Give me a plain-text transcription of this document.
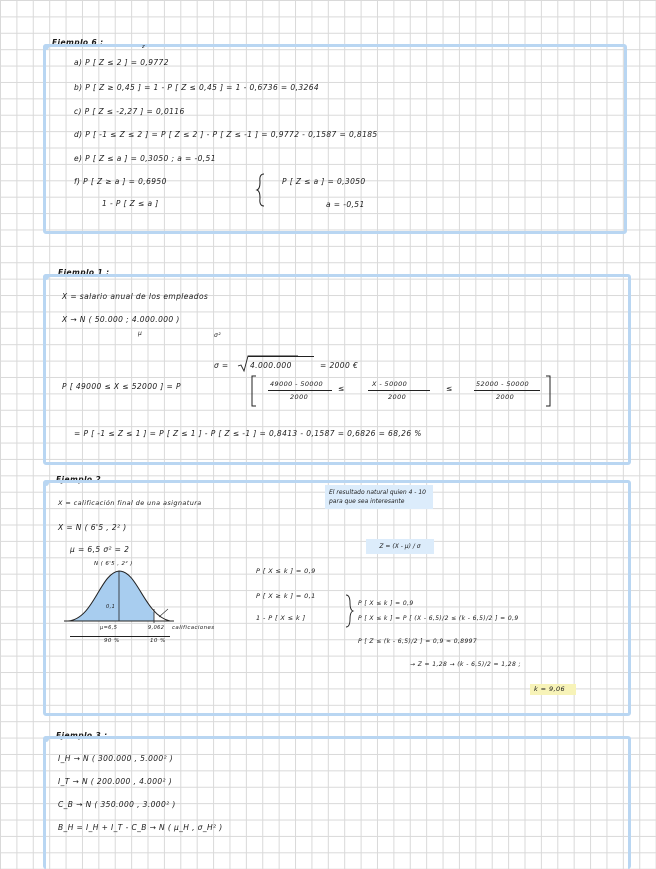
Ejemplo 6 :	z
a) P [ Z ≤ 2 ] = 0,9772
b) P [ Z ≥ 0,45 ] = 1 - P [ Z ≤ 0,45 ] = 1 - 0,6736 = 0,3264
c) P [ Z ≤ -2,27 ] = 0,0116
d) P [ -1 ≤ Z ≤ 2 ] = P [ Z ≤ 2 ] - P [ Z ≤ -1 ] = 0,9772 - 0,1587 = 0,8185
e) P [ Z ≤ a ] = 0,3050 ; a = -0,51
f) P [ Z ≥ a ] = 0,6950
1 - P [ Z ≤ a ]
P [ Z ≤ a ] = 0,3050
a = -0,51
Ejemplo 1 :
X = salario anual de los empleados
X → N ( 50.000 ; 4.000.000 )
μ	σ²
σ =	4.000.000	= 2000 €
P [ 49000 ≤ X ≤ 52000 ] = P	49000 - 50000
2000
≤	X - 50000
2000
≤	52000 - 50000
2000
= P [ -1 ≤ Z ≤ 1 ] = P [ Z ≤ 1 ] - P [ Z ≤ -1 ] = 0,8413 - 0,1587 = 0,6826 = 68,26 %
Ejemplo 2 .
X = calificación final de una asignatura
X = N ( 6'5 , 2² )
μ = 6,5 σ² = 2
El resultado natural quien 4 - 10 para que sea interesante
Z = (X - μ) / σ
N ( 6'5 , 2² )
0,1
μ=6,5	9,062 calificaciones
90 %	10 %
P [ X ≤ k ] = 0,9
P [ X ≥ k ] = 0,1
1 - P [ X ≤ k ]
P [ X ≤ k ] = 0,9
P [ X ≤ k ] = P [ (X - 6,5)/2 ≤ (k - 6,5)/2 ] = 0,9
P [ Z ≤ (k - 6,5)/2 ] = 0,9 ≈ 0,8997
→ Z = 1,28 → (k - 6,5)/2 = 1,28 ;
k = 9,06
Ejemplo 3 :
I_H → N ( 300.000 , 5.000² )
I_T → N ( 200.000 , 4.000² )
C_B → N ( 350.000 , 3.000² )
B_H = I_H + I_T - C_B → N ( μ_H , σ_H² )
